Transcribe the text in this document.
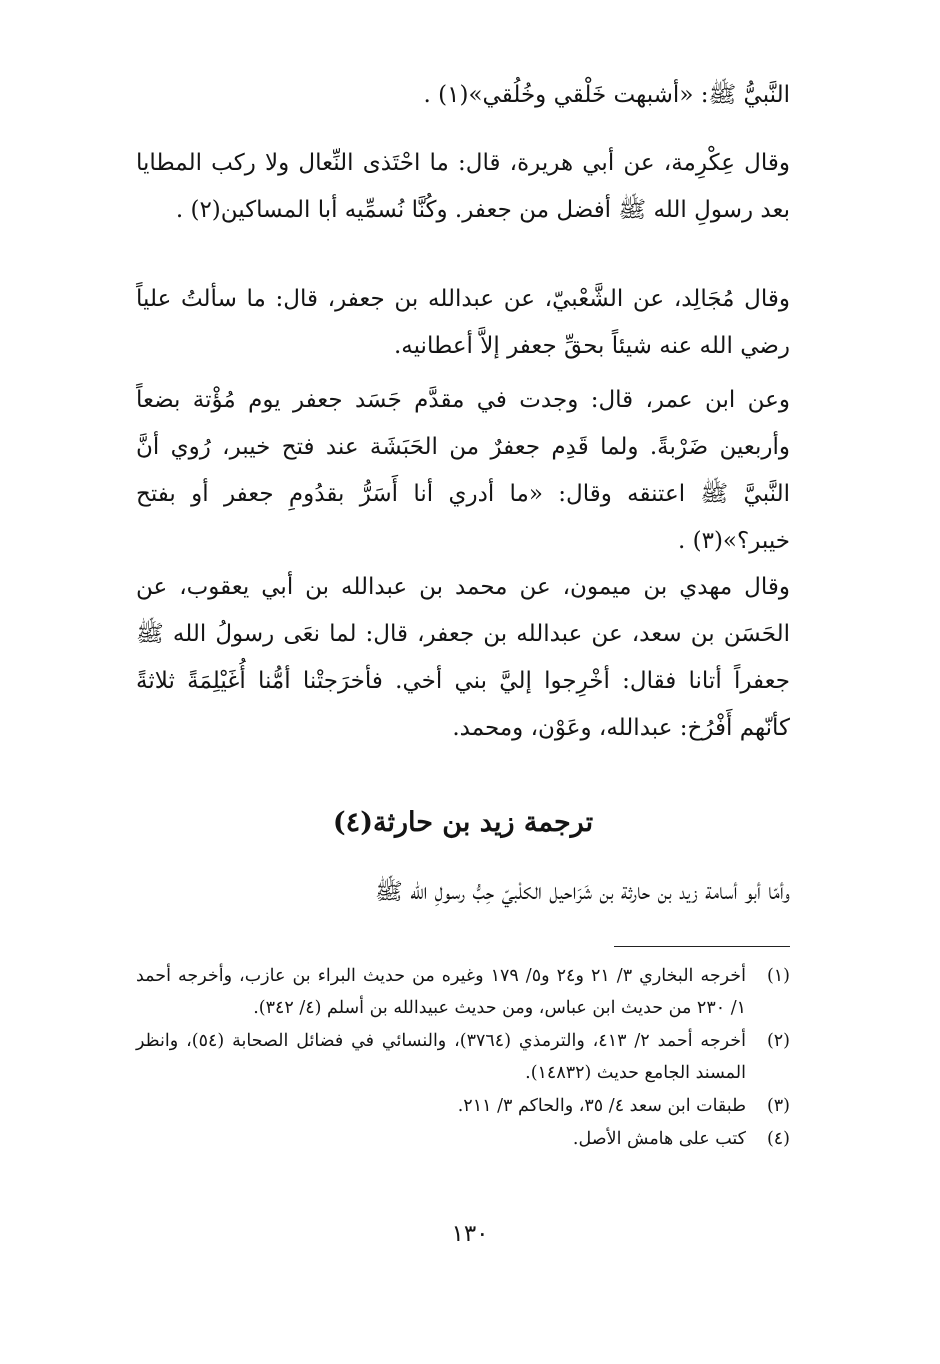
النَّبيُّ ﷺ: «أشبهت خَلْقي وخُلُقي»(١) .
وقال عِكْرِمة، عن أبي هريرة، قال: ما احْتَذى النِّعال ولا ركب المطايا بعد رسولِ الله ﷺ أفضل من جعفر. وكُنَّا نُسمِّيه أبا المساكين(٢) .
وقال مُجَالِد، عن الشَّعْبيّ، عن عبدالله بن جعفر، قال: ما سألتُ علياً رضي الله عنه شيئاً بحقِّ جعفر إلاَّ أعطانيه.
وعن ابن عمر، قال: وجدت في مقدَّم جَسَد جعفر يوم مُؤْتة بضعاً وأربعين ضَرْبةً. ولما قَدِم جعفرٌ من الحَبَشَة عند فتح خيبر، رُوي أنَّ النَّبيَّ ﷺ اعتنقه وقال: «ما أدري أنا أَسَرُّ بقدُومِ جعفر أو بفتح خيبر؟»(٣) .
وقال مهدي بن ميمون، عن محمد بن عبدالله بن أبي يعقوب، عن الحَسَن بن سعد، عن عبدالله بن جعفر، قال: لما نعَى رسولُ الله ﷺ جعفراً أتانا فقال: أخْرِجوا إليَّ بني أخي. فأخرَجتْنا أمُّنا أُغَيْلِمَةً ثلاثةً كأنّهم أَفْرُخ: عبدالله، وعَوْن، ومحمد.
ترجمة زيد بن حارثة(٤)
وأمّا أبو أسامة زيد بن حارثة بن شَرَاحيل الكلْبيّ حِبُّ رسولِ الله ﷺ
(١)
أخرجه البخاري ٣/ ٢١ و٢٤ و٥/ ١٧٩ وغيره من حديث البراء بن عازب، وأخرجه أحمد ١/ ٢٣٠ من حديث ابن عباس، ومن حديث عبيدالله بن أسلم (٤/ ٣٤٢).
(٢)
أخرجه أحمد ٢/ ٤١٣، والترمذي (٣٧٦٤)، والنسائي في فضائل الصحابة (٥٤)، وانظر المسند الجامع حديث (١٤٨٣٢).
(٣)
طبقات ابن سعد ٤/ ٣٥، والحاكم ٣/ ٢١١.
(٤)
كتب على هامش الأصل.
١٣٠
